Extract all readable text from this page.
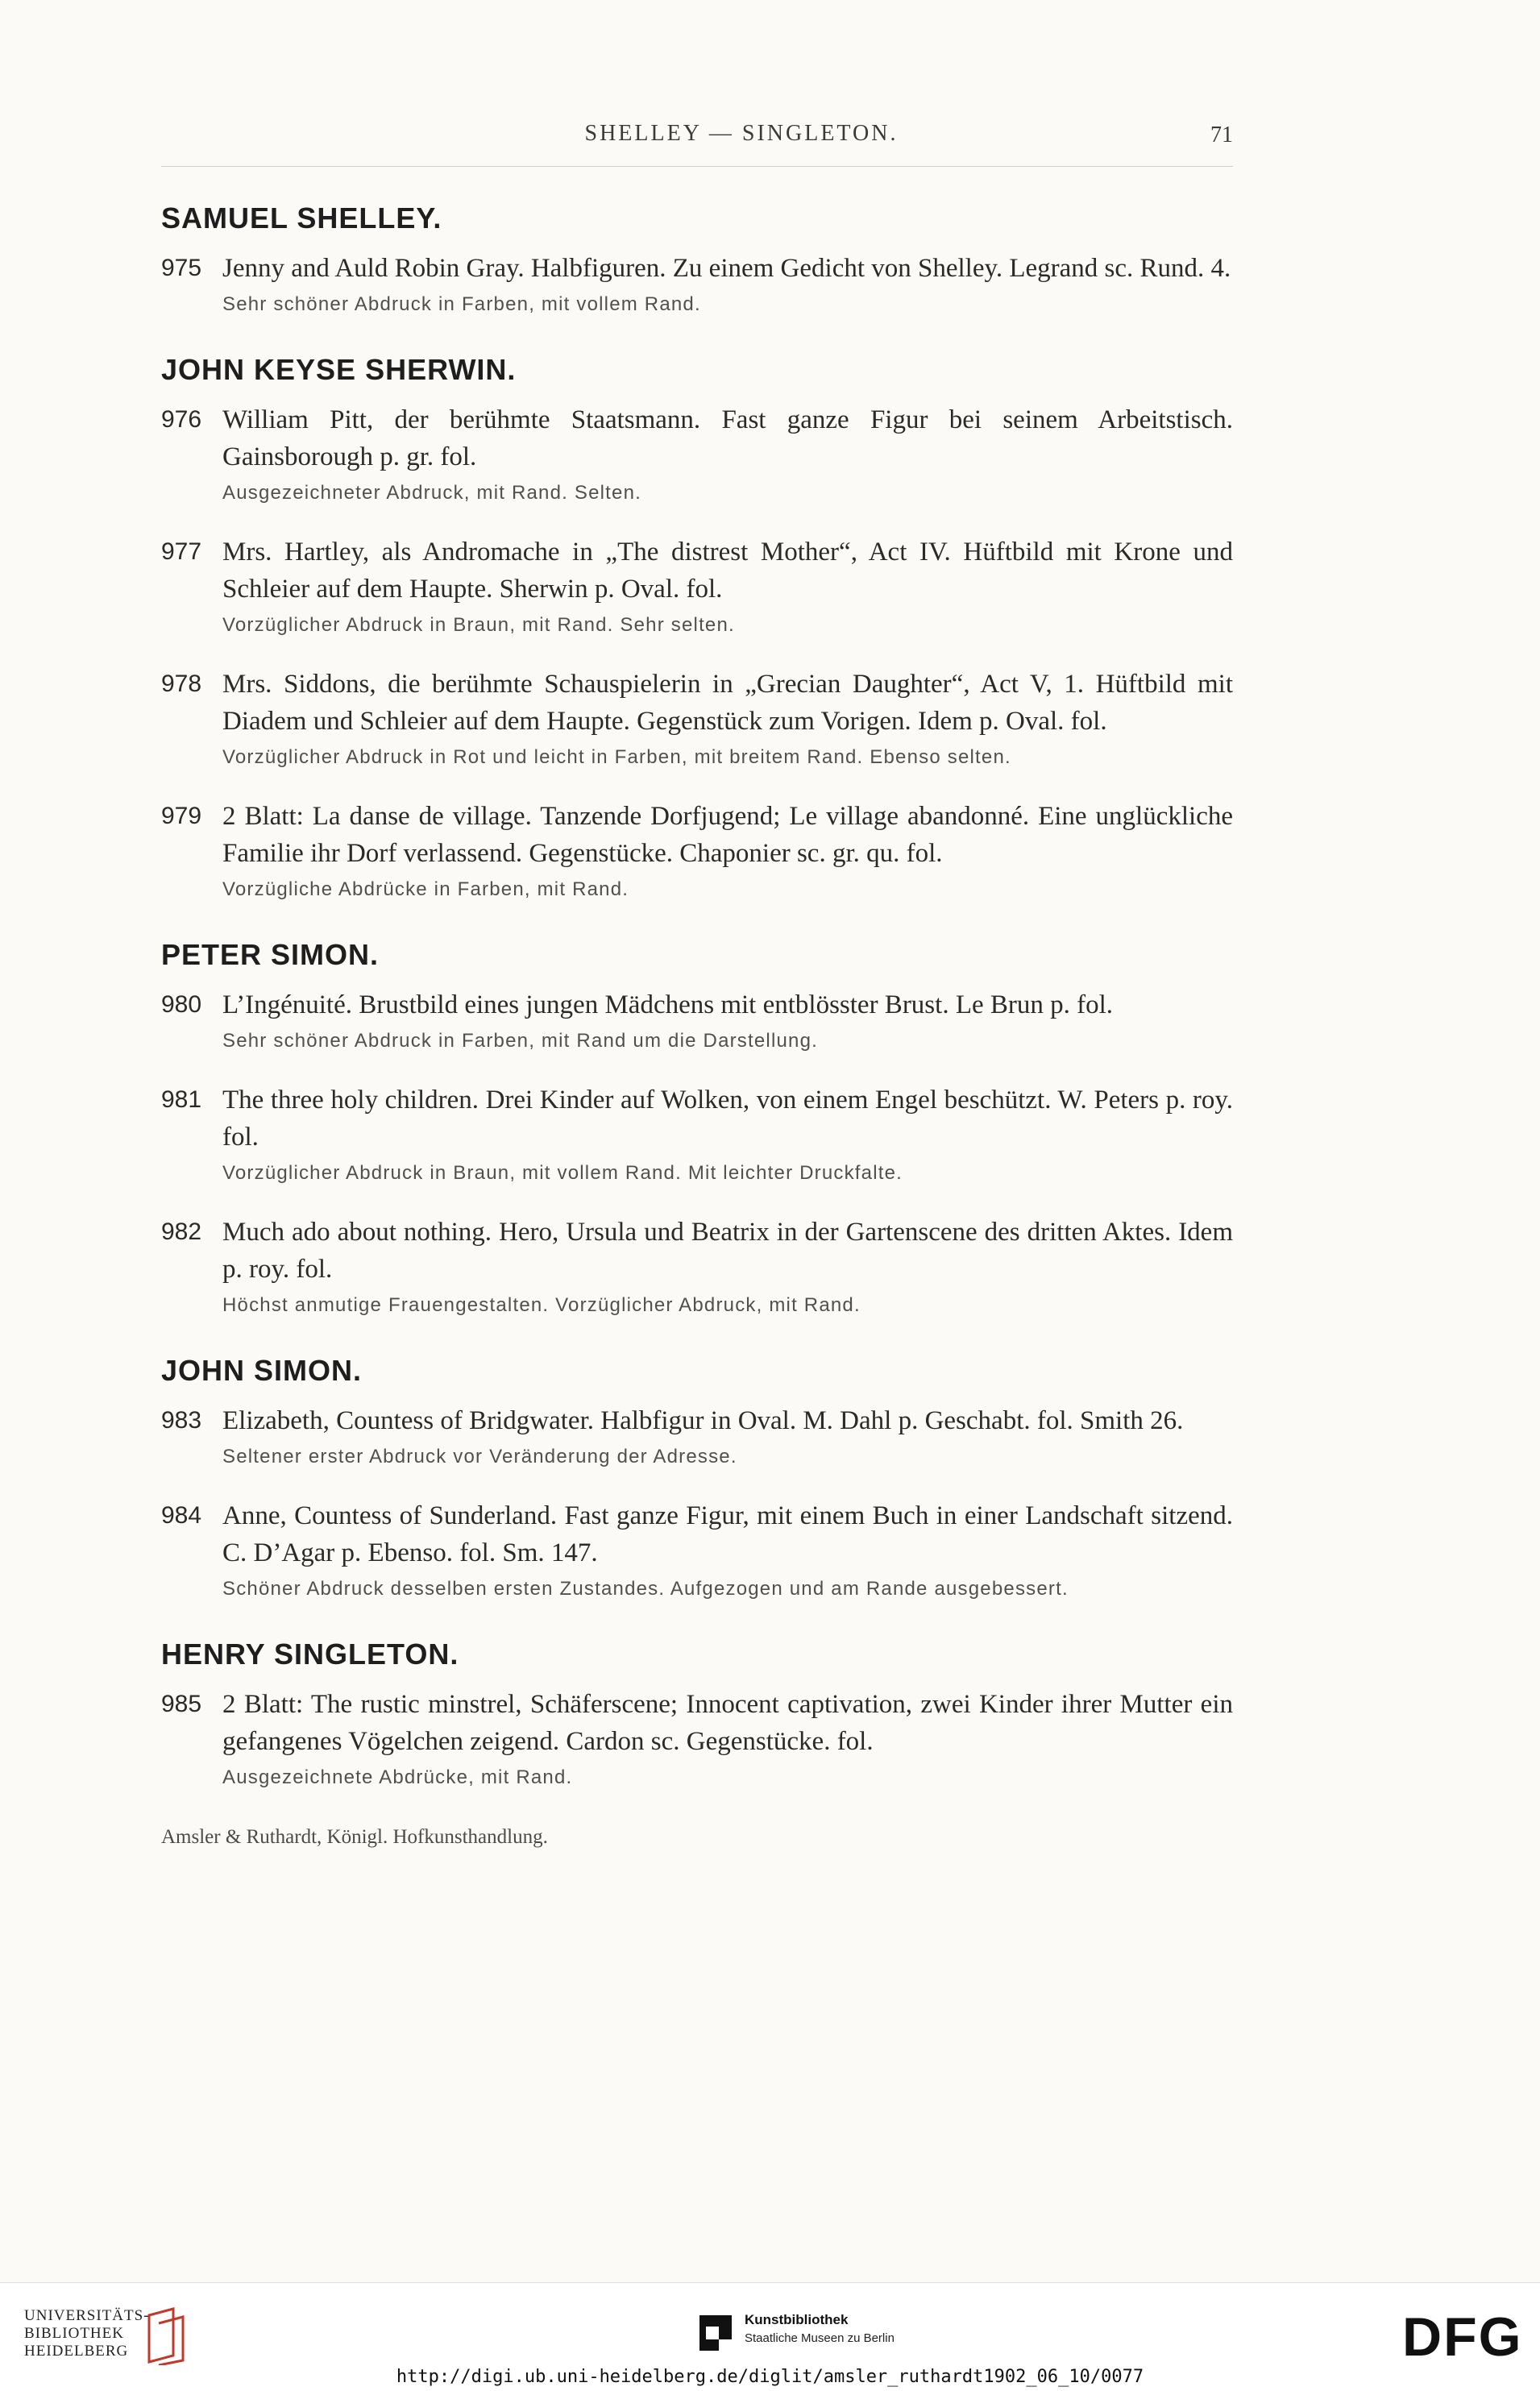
SHELLEY — SINGLETON.	71
SAMUEL SHELLEY.
975 Jenny and Auld Robin Gray. Halbfiguren. Zu einem Gedicht von Shelley. Legrand sc. Rund. 4.
Sehr schöner Abdruck in Farben, mit vollem Rand.
JOHN KEYSE SHERWIN.
976 William Pitt, der berühmte Staatsmann. Fast ganze Figur bei seinem Arbeitstisch. Gainsborough p. gr. fol.
Ausgezeichneter Abdruck, mit Rand. Selten.
977 Mrs. Hartley, als Andromache in „The distrest Mother“, Act IV. Hüftbild mit Krone und Schleier auf dem Haupte. Sherwin p. Oval. fol.
Vorzüglicher Abdruck in Braun, mit Rand. Sehr selten.
978 Mrs. Siddons, die berühmte Schauspielerin in „Grecian Daughter“, Act V, 1. Hüftbild mit Diadem und Schleier auf dem Haupte. Gegenstück zum Vorigen. Idem p. Oval. fol.
Vorzüglicher Abdruck in Rot und leicht in Farben, mit breitem Rand. Ebenso selten.
979 2 Blatt: La danse de village. Tanzende Dorfjugend; Le village abandonné. Eine unglückliche Familie ihr Dorf verlassend. Gegenstücke. Chaponier sc. gr. qu. fol.
Vorzügliche Abdrücke in Farben, mit Rand.
PETER SIMON.
980 L’Ingénuité. Brustbild eines jungen Mädchens mit entblösster Brust. Le Brun p. fol.
Sehr schöner Abdruck in Farben, mit Rand um die Darstellung.
981 The three holy children. Drei Kinder auf Wolken, von einem Engel beschützt. W. Peters p. roy. fol.
Vorzüglicher Abdruck in Braun, mit vollem Rand. Mit leichter Druckfalte.
982 Much ado about nothing. Hero, Ursula und Beatrix in der Gartenscene des dritten Aktes. Idem p. roy. fol.
Höchst anmutige Frauengestalten. Vorzüglicher Abdruck, mit Rand.
JOHN SIMON.
983 Elizabeth, Countess of Bridgwater. Halbfigur in Oval. M. Dahl p. Geschabt. fol. Smith 26.
Seltener erster Abdruck vor Veränderung der Adresse.
984 Anne, Countess of Sunderland. Fast ganze Figur, mit einem Buch in einer Landschaft sitzend. C. D’Agar p. Ebenso. fol. Sm. 147.
Schöner Abdruck desselben ersten Zustandes. Aufgezogen und am Rande ausgebessert.
HENRY SINGLETON.
985 2 Blatt: The rustic minstrel, Schäferscene; Innocent captivation, zwei Kinder ihrer Mutter ein gefangenes Vögelchen zeigend. Cardon sc. Gegenstücke. fol.
Ausgezeichnete Abdrücke, mit Rand.
Amsler & Ruthardt, Königl. Hofkunsthandlung.
UNIVERSITÄTS-
BIBLIOTHEK
HEIDELBERG
Kunstbibliothek
Staatliche Museen zu Berlin	DFG
http://digi.ub.uni-heidelberg.de/diglit/amsler_ruthardt1902_06_10/0077
